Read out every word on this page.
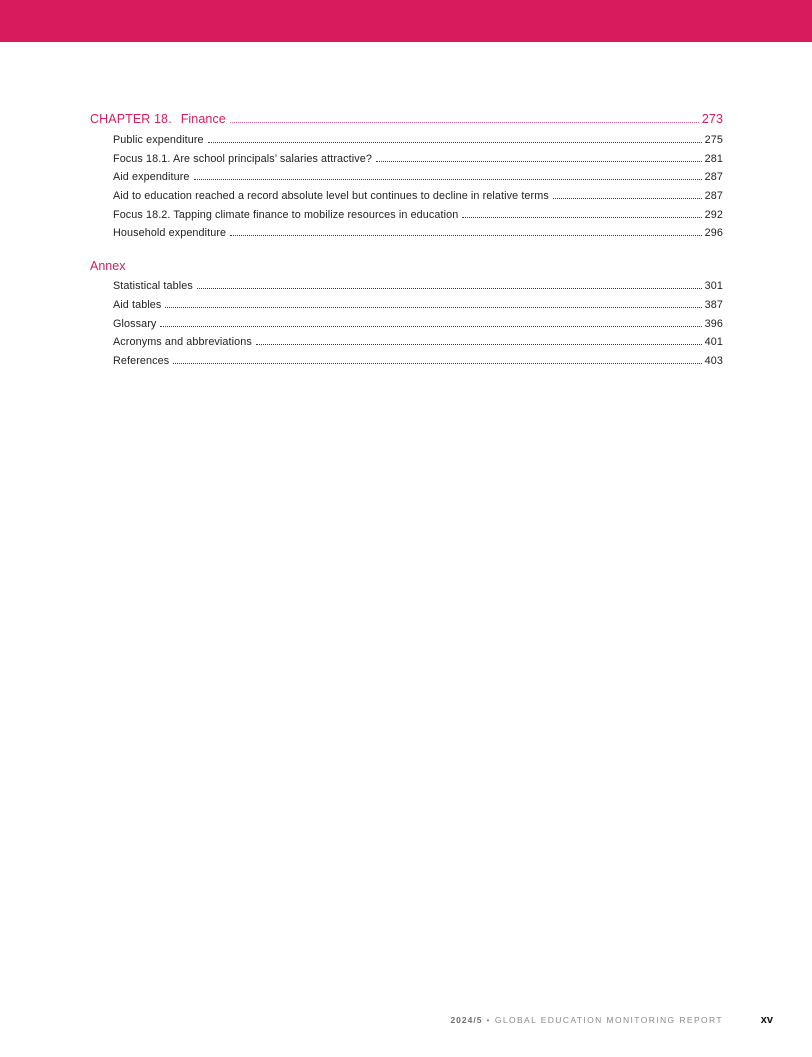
CHAPTER 18. Finance	273
Public expenditure	275
Focus 18.1. Are school principals’ salaries attractive?	281
Aid expenditure	287
Aid to education reached a record absolute level but continues to decline in relative terms	287
Focus 18.2. Tapping climate finance to mobilize resources in education	292
Household expenditure	296
Annex
Statistical tables	301
Aid tables	387
Glossary	396
Acronyms and abbreviations	401
References	403
2024/5 • GLOBAL EDUCATION MONITORING REPORT	xv
